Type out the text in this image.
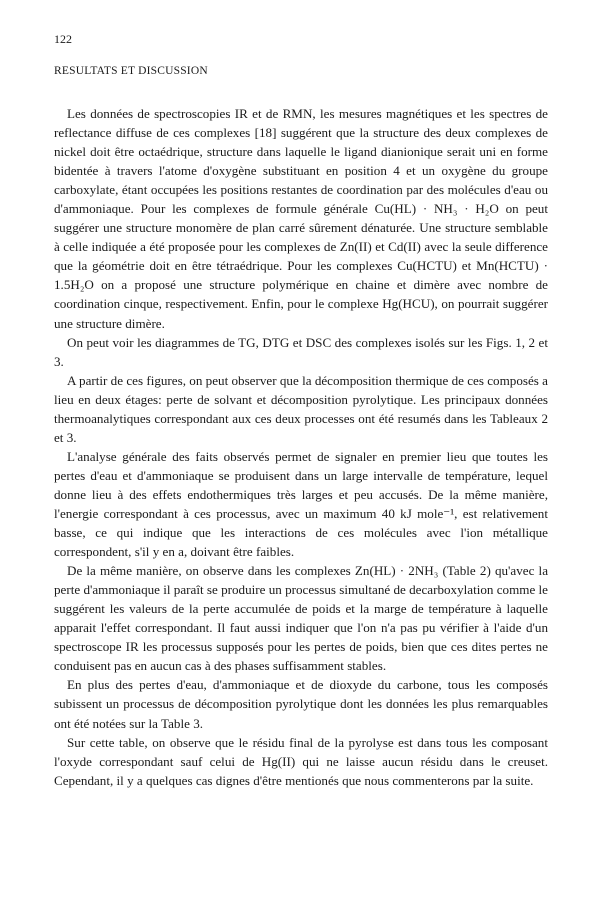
122

RESULTATS ET DISCUSSION

Les données de spectroscopies IR et de RMN, les mesures magnétiques et les spectres de reflectance diffuse de ces complexes [18] suggérent que la structure des deux complexes de nickel doit être octaédrique, structure dans laquelle le ligand dianionique serait uni en forme bidentée à travers l'atome d'oxygène substituant en position 4 et un oxygène du groupe carboxylate, étant occupées les positions restantes de coordination par des molécules d'eau ou d'ammoniaque. Pour les complexes de formule générale Cu(HL) · NH₃ · H₂O on peut suggérer une structure monomère de plan carré sûrement dénaturée. Une structure semblable à celle indiquée a été proposée pour les complexes de Zn(II) et Cd(II) avec la seule difference que la géométrie doit en être tétraédrique. Pour les complexes Cu(HCTU) et Mn(HCTU) · 1.5H₂O on a proposé une structure polymérique en chaine et dimère avec nombre de coordination cinque, respectivement. Enfin, pour le complexe Hg(HCU), on pourrait suggérer une structure dimère.

On peut voir les diagrammes de TG, DTG et DSC des complexes isolés sur les Figs. 1, 2 et 3.

A partir de ces figures, on peut observer que la décomposition thermique de ces composés a lieu en deux étages: perte de solvant et décomposition pyrolytique. Les principaux données thermoanalytiques correspondant aux ces deux processes ont été resumés dans les Tableaux 2 et 3.

L'analyse générale des faits observés permet de signaler en premier lieu que toutes les pertes d'eau et d'ammoniaque se produisent dans un large intervalle de température, lequel donne lieu à des effets endothermiques très larges et peu accusés. De la même manière, l'energie correspondant à ces processus, avec un maximum 40 kJ mole⁻¹, est relativement basse, ce qui indique que les interactions de ces molécules avec l'ion métallique correspondent, s'il y en a, doivant être faibles.

De la même manière, on observe dans les complexes Zn(HL) · 2NH₃ (Table 2) qu'avec la perte d'ammoniaque il paraît se produire un processus simultané de decarboxylation comme le suggérent les valeurs de la perte accumulée de poids et la marge de température à laquelle apparait l'effet correspondant. Il faut aussi indiquer que l'on n'a pas pu vérifier à l'aide d'un spectroscope IR les processus supposés pour les pertes de poids, bien que ces dites pertes ne conduisent pas en aucun cas à des phases suffisamment stables.

En plus des pertes d'eau, d'ammoniaque et de dioxyde du carbone, tous les composés subissent un processus de décomposition pyrolytique dont les données les plus remarquables ont été notées sur la Table 3.

Sur cette table, on observe que le résidu final de la pyrolyse est dans tous les composant l'oxyde correspondant sauf celui de Hg(II) qui ne laisse aucun résidu dans le creuset. Cependant, il y a quelques cas dignes d'être mentionés que nous commenterons par la suite.
